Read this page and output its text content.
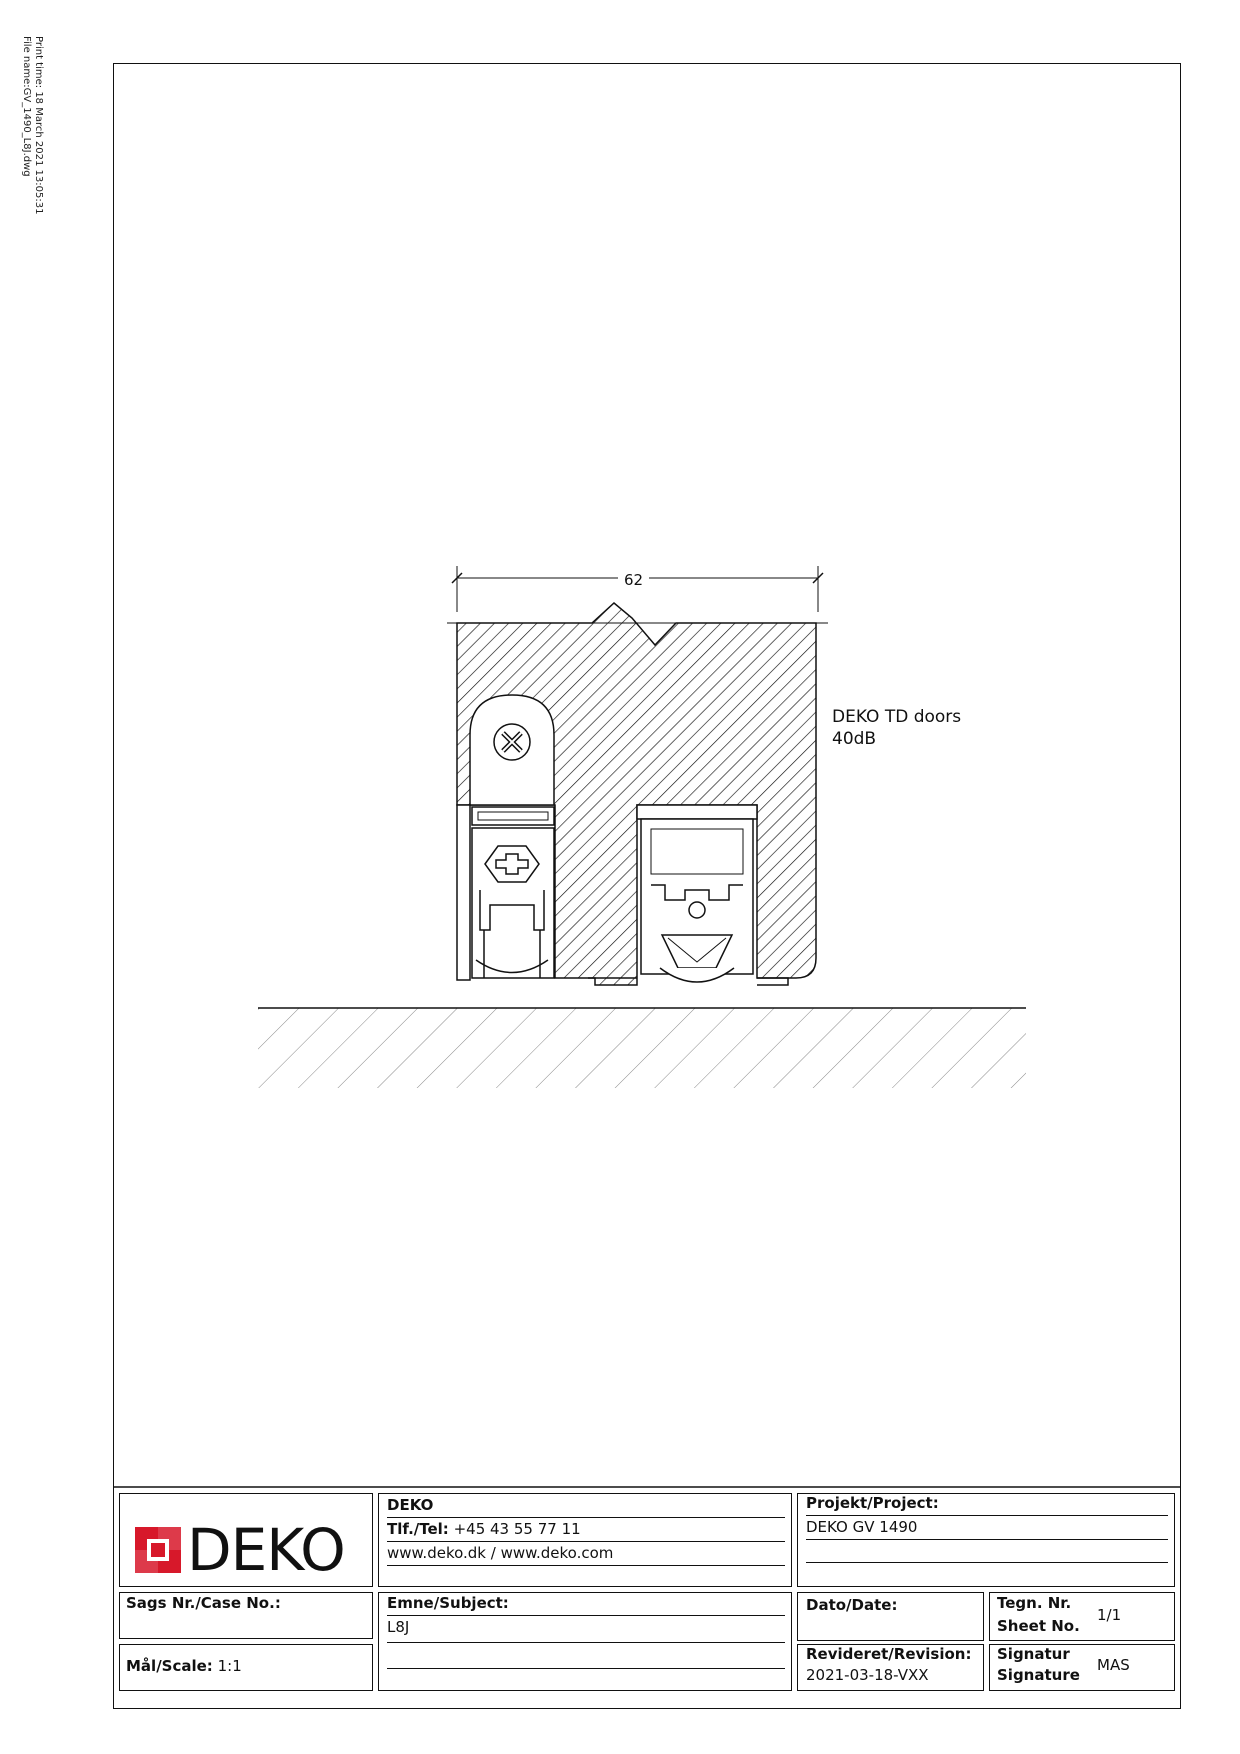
Print time: 18 March 2021 13:05:31
File name:GV_1490_L8J.dwg
62
DEKO TD doors
40dB
DEKO
DEKO
Tlf./Tel: +45 43 55 77 11
www.deko.dk / www.deko.com
Projekt/Project:
DEKO GV 1490
Sags Nr./Case No.:
Mål/Scale: 1:1
Emne/Subject:
L8J
Dato/Date:	Tegn. Nr.
Sheet No.
1/1
Revideret/Revision:
2021-03-18-VXX
Signatur
Signature
MAS
